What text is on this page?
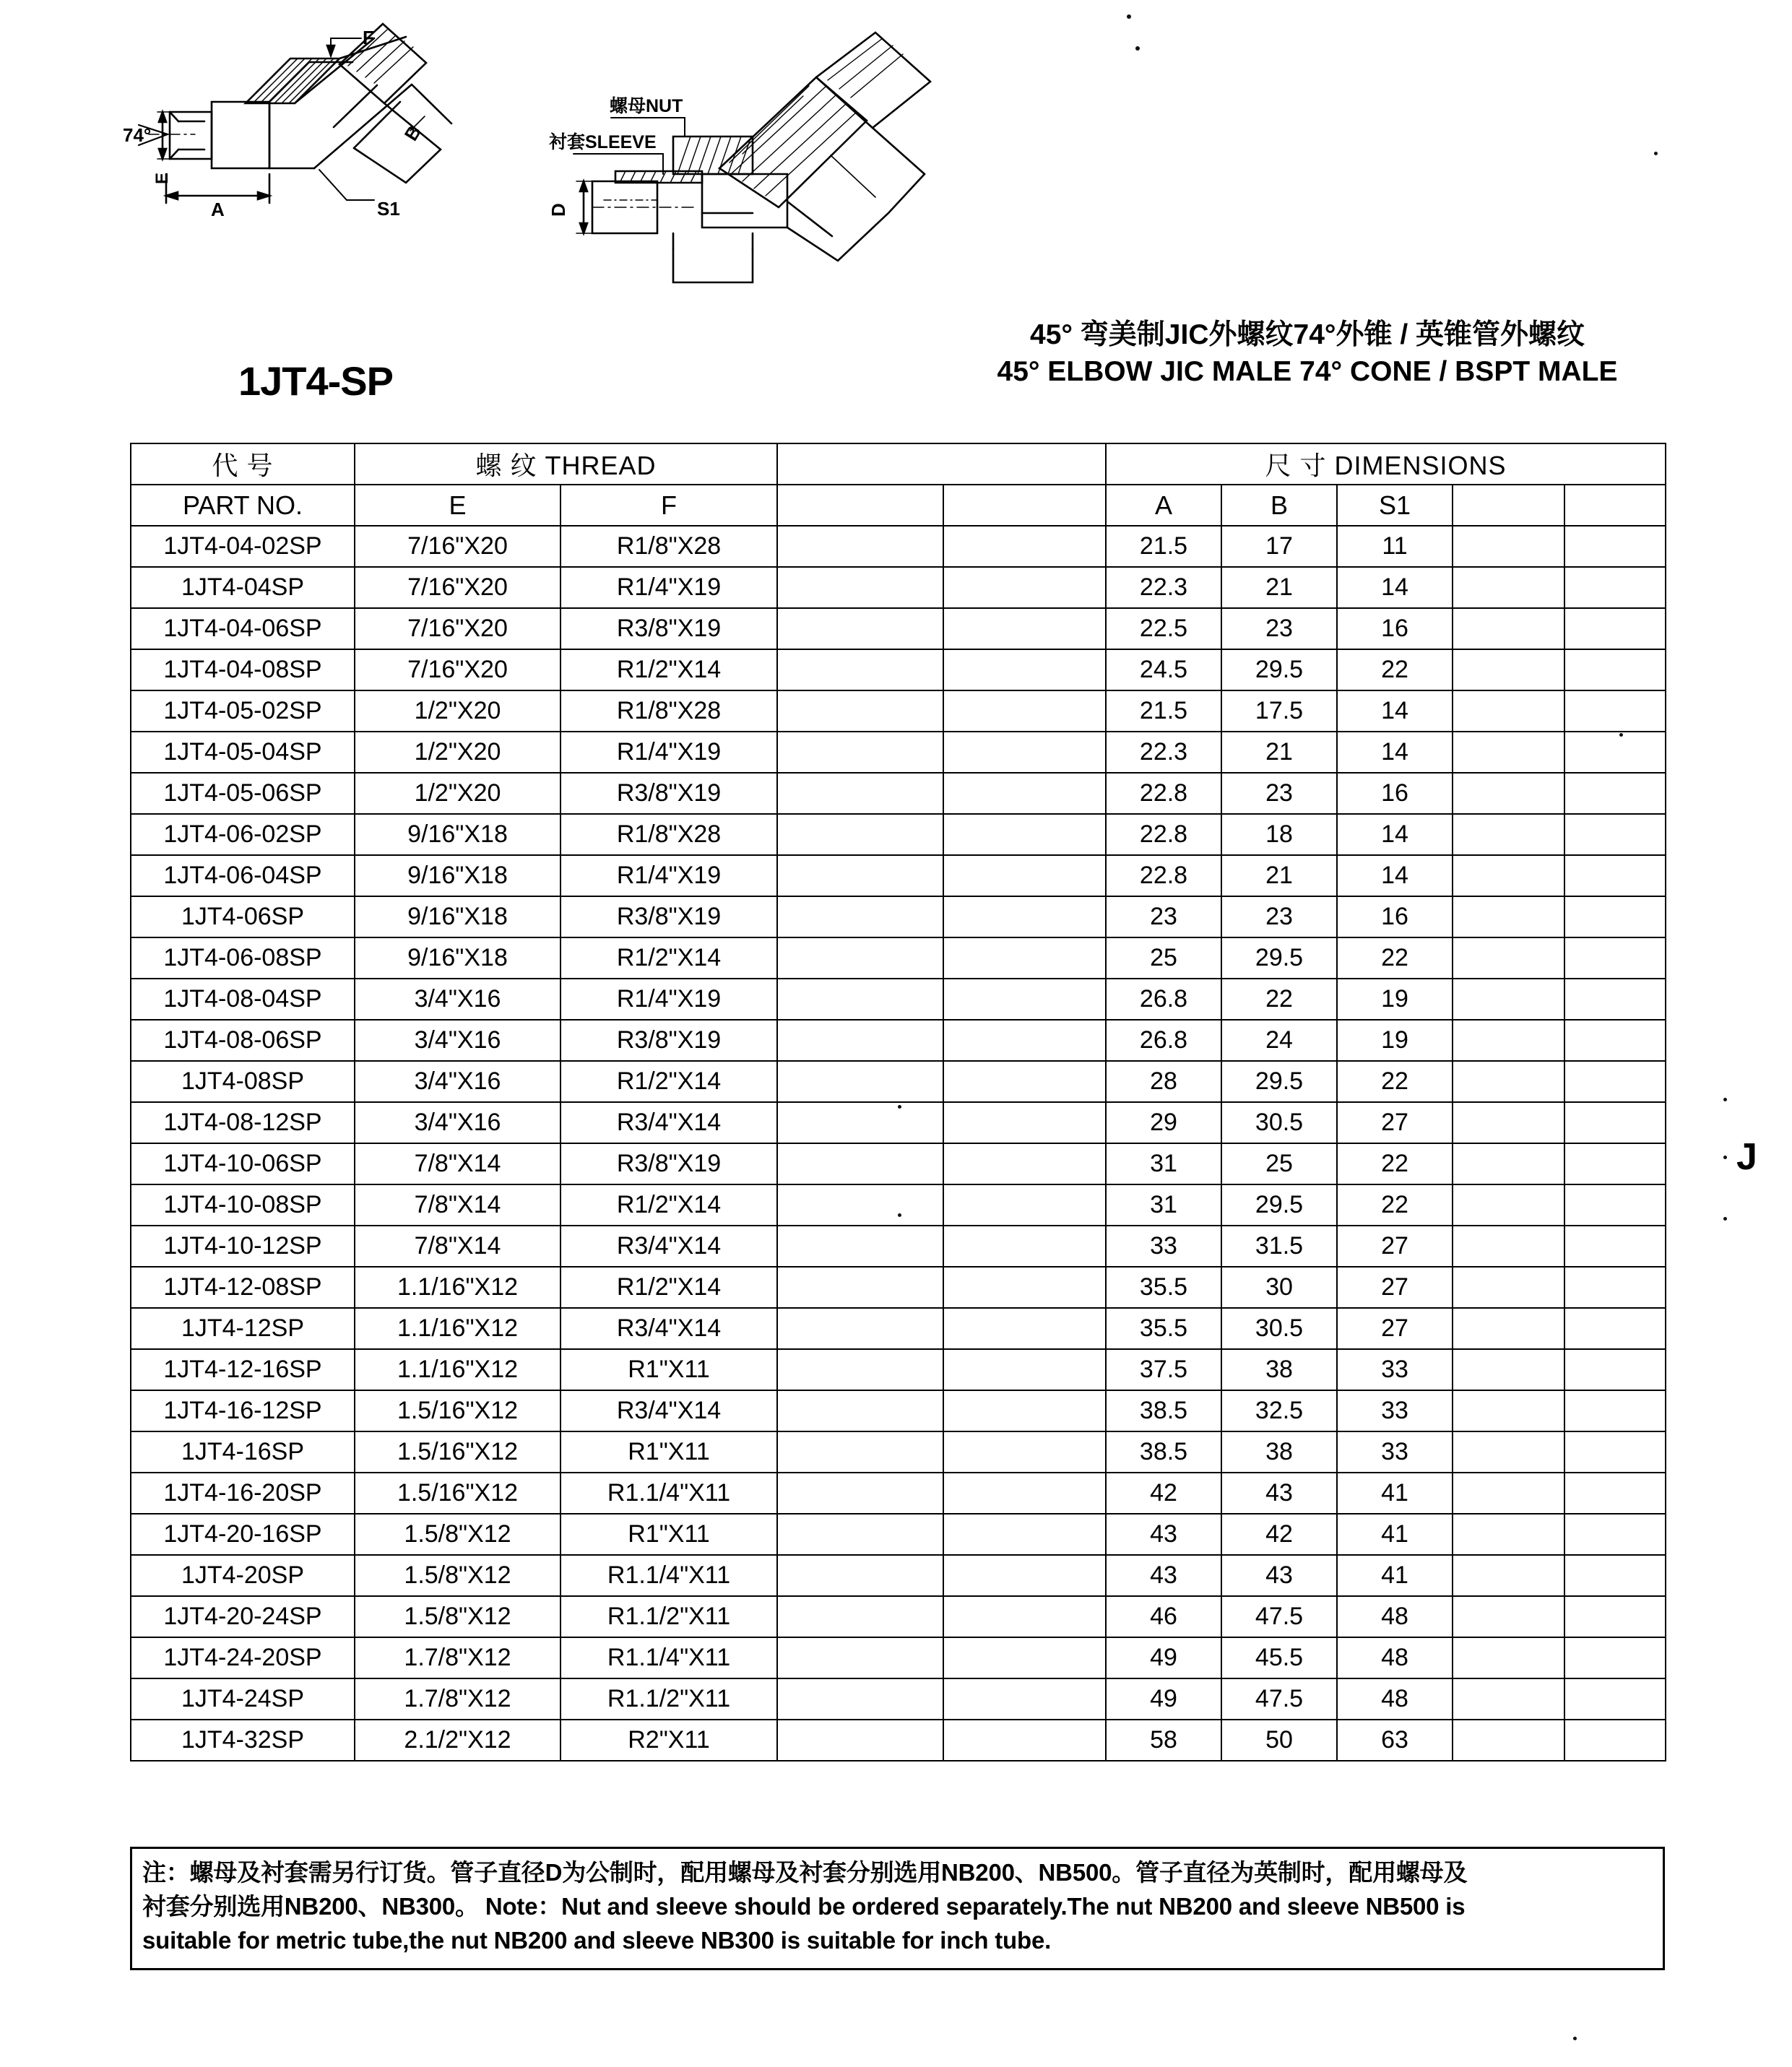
74°
E
A
F
S1
B
螺母NUT
衬套SLEEVE
D
1JT4-SP
45° 弯美制JIC外螺纹74°外锥 / 英锥管外螺纹
45° ELBOW JIC MALE 74° CONE / BSPT MALE
代 号	螺 纹 THREAD				尺 寸 DIMENSIONS				
PART NO.	E	F			A	B	S1		
1JT4-04-02SP	7/16"X20	R1/8"X28			21.5	17	11		
1JT4-04SP	7/16"X20	R1/4"X19			22.3	21	14		
1JT4-04-06SP	7/16"X20	R3/8"X19			22.5	23	16		
1JT4-04-08SP	7/16"X20	R1/2"X14			24.5	29.5	22		
1JT4-05-02SP	1/2"X20	R1/8"X28			21.5	17.5	14		
1JT4-05-04SP	1/2"X20	R1/4"X19			22.3	21	14		
1JT4-05-06SP	1/2"X20	R3/8"X19			22.8	23	16		
1JT4-06-02SP	9/16"X18	R1/8"X28			22.8	18	14		
1JT4-06-04SP	9/16"X18	R1/4"X19			22.8	21	14		
1JT4-06SP	9/16"X18	R3/8"X19			23	23	16		
1JT4-06-08SP	9/16"X18	R1/2"X14			25	29.5	22		
1JT4-08-04SP	3/4"X16	R1/4"X19			26.8	22	19		
1JT4-08-06SP	3/4"X16	R3/8"X19			26.8	24	19		
1JT4-08SP	3/4"X16	R1/2"X14			28	29.5	22		
1JT4-08-12SP	3/4"X16	R3/4"X14			29	30.5	27		
1JT4-10-06SP	7/8"X14	R3/8"X19			31	25	22		
1JT4-10-08SP	7/8"X14	R1/2"X14			31	29.5	22		
1JT4-10-12SP	7/8"X14	R3/4"X14			33	31.5	27		
1JT4-12-08SP	1.1/16"X12	R1/2"X14			35.5	30	27		
1JT4-12SP	1.1/16"X12	R3/4"X14			35.5	30.5	27		
1JT4-12-16SP	1.1/16"X12	R1"X11			37.5	38	33		
1JT4-16-12SP	1.5/16"X12	R3/4"X14			38.5	32.5	33		
1JT4-16SP	1.5/16"X12	R1"X11			38.5	38	33		
1JT4-16-20SP	1.5/16"X12	R1.1/4"X11			42	43	41		
1JT4-20-16SP	1.5/8"X12	R1"X11			43	42	41		
1JT4-20SP	1.5/8"X12	R1.1/4"X11			43	43	41		
1JT4-20-24SP	1.5/8"X12	R1.1/2"X11			46	47.5	48		
1JT4-24-20SP	1.7/8"X12	R1.1/4"X11			49	45.5	48		
1JT4-24SP	1.7/8"X12	R1.1/2"X11			49	47.5	48		
1JT4-32SP	2.1/2"X12	R2"X11			58	50	63		
注：螺母及衬套需另行订货。管子直径D为公制时，配用螺母及衬套分别选用NB200、NB500。管子直径为英制时，配用螺母及
衬套分别选用NB200、NB300。 Note：Nut and sleeve should be ordered separately.The nut NB200 and sleeve NB500 is
suitable for metric tube,the nut NB200 and sleeve NB300 is suitable for inch tube.
J
